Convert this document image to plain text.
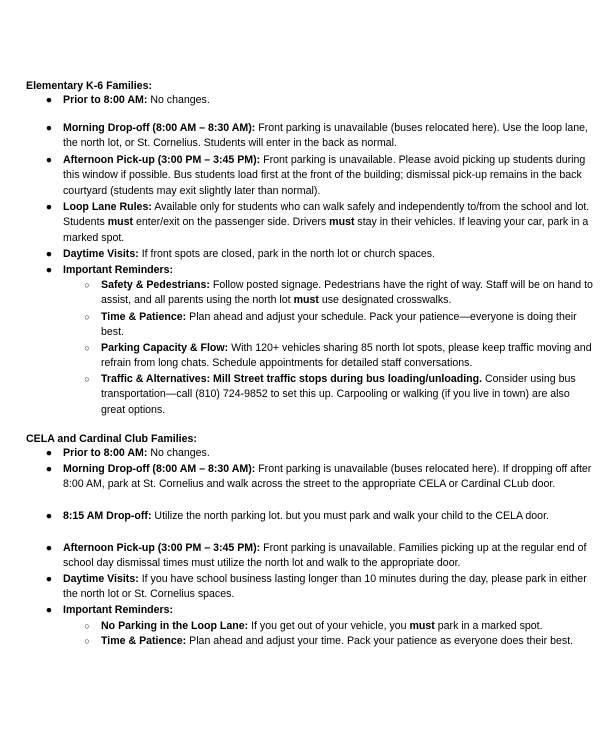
Elementary K-6 Families:
● Prior to 8:00 AM: No changes.
● Morning Drop-off (8:00 AM – 8:30 AM): Front parking is unavailable (buses relocated here). Use the loop lane, the north lot, or St. Cornelius. Students will enter in the back as normal.
● Afternoon Pick-up (3:00 PM – 3:45 PM): Front parking is unavailable. Please avoid picking up students during this window if possible. Bus students load first at the front of the building; dismissal pick-up remains in the back courtyard (students may exit slightly later than normal).
● Loop Lane Rules: Available only for students who can walk safely and independently to/from the school and lot. Students must enter/exit on the passenger side. Drivers must stay in their vehicles. If leaving your car, park in a marked spot.
● Daytime Visits: If front spots are closed, park in the north lot or church spaces.
● Important Reminders:
○ Safety & Pedestrians: Follow posted signage. Pedestrians have the right of way. Staff will be on hand to assist, and all parents using the north lot must use designated crosswalks.
○ Time & Patience: Plan ahead and adjust your schedule. Pack your patience—everyone is doing their best.
○ Parking Capacity & Flow: With 120+ vehicles sharing 85 north lot spots, please keep traffic moving and refrain from long chats. Schedule appointments for detailed staff conversations.
○ Traffic & Alternatives: Mill Street traffic stops during bus loading/unloading. Consider using bus transportation—call (810) 724-9852 to set this up. Carpooling or walking (if you live in town) are also great options.
CELA and Cardinal Club Families:
● Prior to 8:00 AM: No changes.
● Morning Drop-off (8:00 AM – 8:30 AM): Front parking is unavailable (buses relocated here). If dropping off after 8:00 AM, park at St. Cornelius and walk across the street to the appropriate CELA or Cardinal CLub door.
● 8:15 AM Drop-off: Utilize the north parking lot. but you must park and walk your child to the CELA door.
● Afternoon Pick-up (3:00 PM – 3:45 PM): Front parking is unavailable. Families picking up at the regular end of school day dismissal times must utilize the north lot and walk to the appropriate door.
● Daytime Visits: If you have school business lasting longer than 10 minutes during the day, please park in either the north lot or St. Cornelius spaces.
● Important Reminders:
○ No Parking in the Loop Lane: If you get out of your vehicle, you must park in a marked spot.
○ Time & Patience: Plan ahead and adjust your time. Pack your patience as everyone does their best.
